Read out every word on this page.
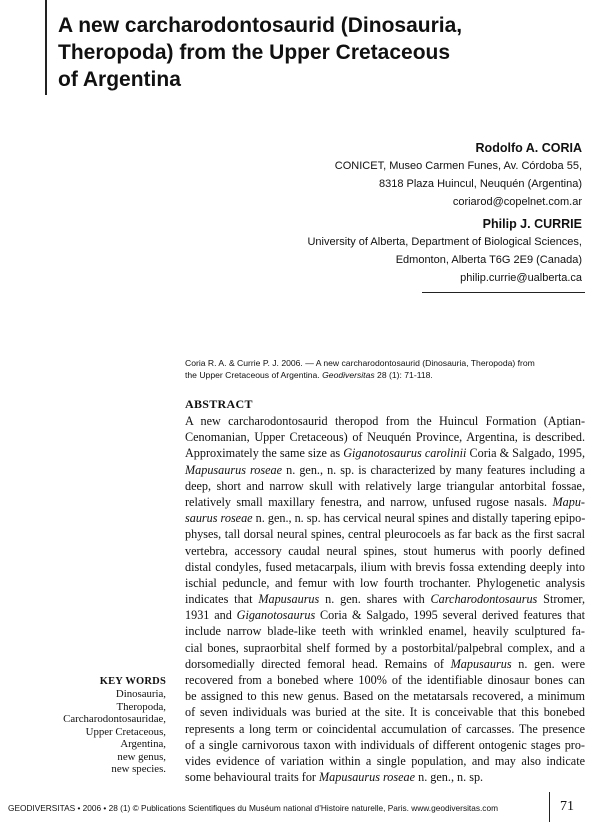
A new carcharodontosaurid (Dinosauria,
Theropoda) from the Upper Cretaceous
of Argentina
Rodolfo A. CORIA
CONICET, Museo Carmen Funes, Av. Córdoba 55,
8318 Plaza Huincul, Neuquén (Argentina)
coriarod@copelnet.com.ar
Philip J. CURRIE
University of Alberta, Department of Biological Sciences,
Edmonton, Alberta T6G 2E9 (Canada)
philip.currie@ualberta.ca
Coria R. A. & Currie P. J. 2006. — A new carcharodontosaurid (Dinosauria, Theropoda) from
the Upper Cretaceous of Argentina. Geodiversitas 28 (1): 71-118.
ABSTRACT
A new carcharodontosaurid theropod from the Huincul Formation (Aptian-
Cenomanian, Upper Cretaceous) of Neuquén Province, Argentina, is described.
Approximately the same size as Giganotosaurus carolinii Coria & Salgado, 1995,
Mapusaurus roseae n. gen., n. sp. is characterized by many features including a
deep, short and narrow skull with relatively large triangular antorbital fossae,
relatively small maxillary fenestra, and narrow, unfused rugose nasals. Mapu-
saurus roseae n. gen., n. sp. has cervical neural spines and distally tapering epipo-
physes, tall dorsal neural spines, central pleurocoels as far back as the first sacral
vertebra, accessory caudal neural spines, stout humerus with poorly defined
distal condyles, fused metacarpals, ilium with brevis fossa extending deeply into
ischial peduncle, and femur with low fourth trochanter. Phylogenetic analysis
indicates that Mapusaurus n. gen. shares with Carcharodontosaurus Stromer,
1931 and Giganotosaurus Coria & Salgado, 1995 several derived features that
include narrow blade-like teeth with wrinkled enamel, heavily sculptured fa-
cial bones, supraorbital shelf formed by a postorbital/palpebral complex, and a
dorsomedially directed femoral head. Remains of Mapusaurus n. gen. were
recovered from a bonebed where 100% of the identifiable dinosaur bones can
be assigned to this new genus. Based on the metatarsals recovered, a minimum
of seven individuals was buried at the site. It is conceivable that this bonebed
represents a long term or coincidental accumulation of carcasses. The presence
of a single carnivorous taxon with individuals of different ontogenic stages pro-
vides evidence of variation within a single population, and may also indicate
some behavioural traits for Mapusaurus roseae n. gen., n. sp.
KEY WORDS
Dinosauria,
Theropoda,
Carcharodontosauridae,
Upper Cretaceous,
Argentina,
new genus,
new species.
GEODIVERSITAS • 2006 • 28 (1) © Publications Scientifiques du Muséum national d’Histoire naturelle, Paris. www.geodiversitas.com	71
